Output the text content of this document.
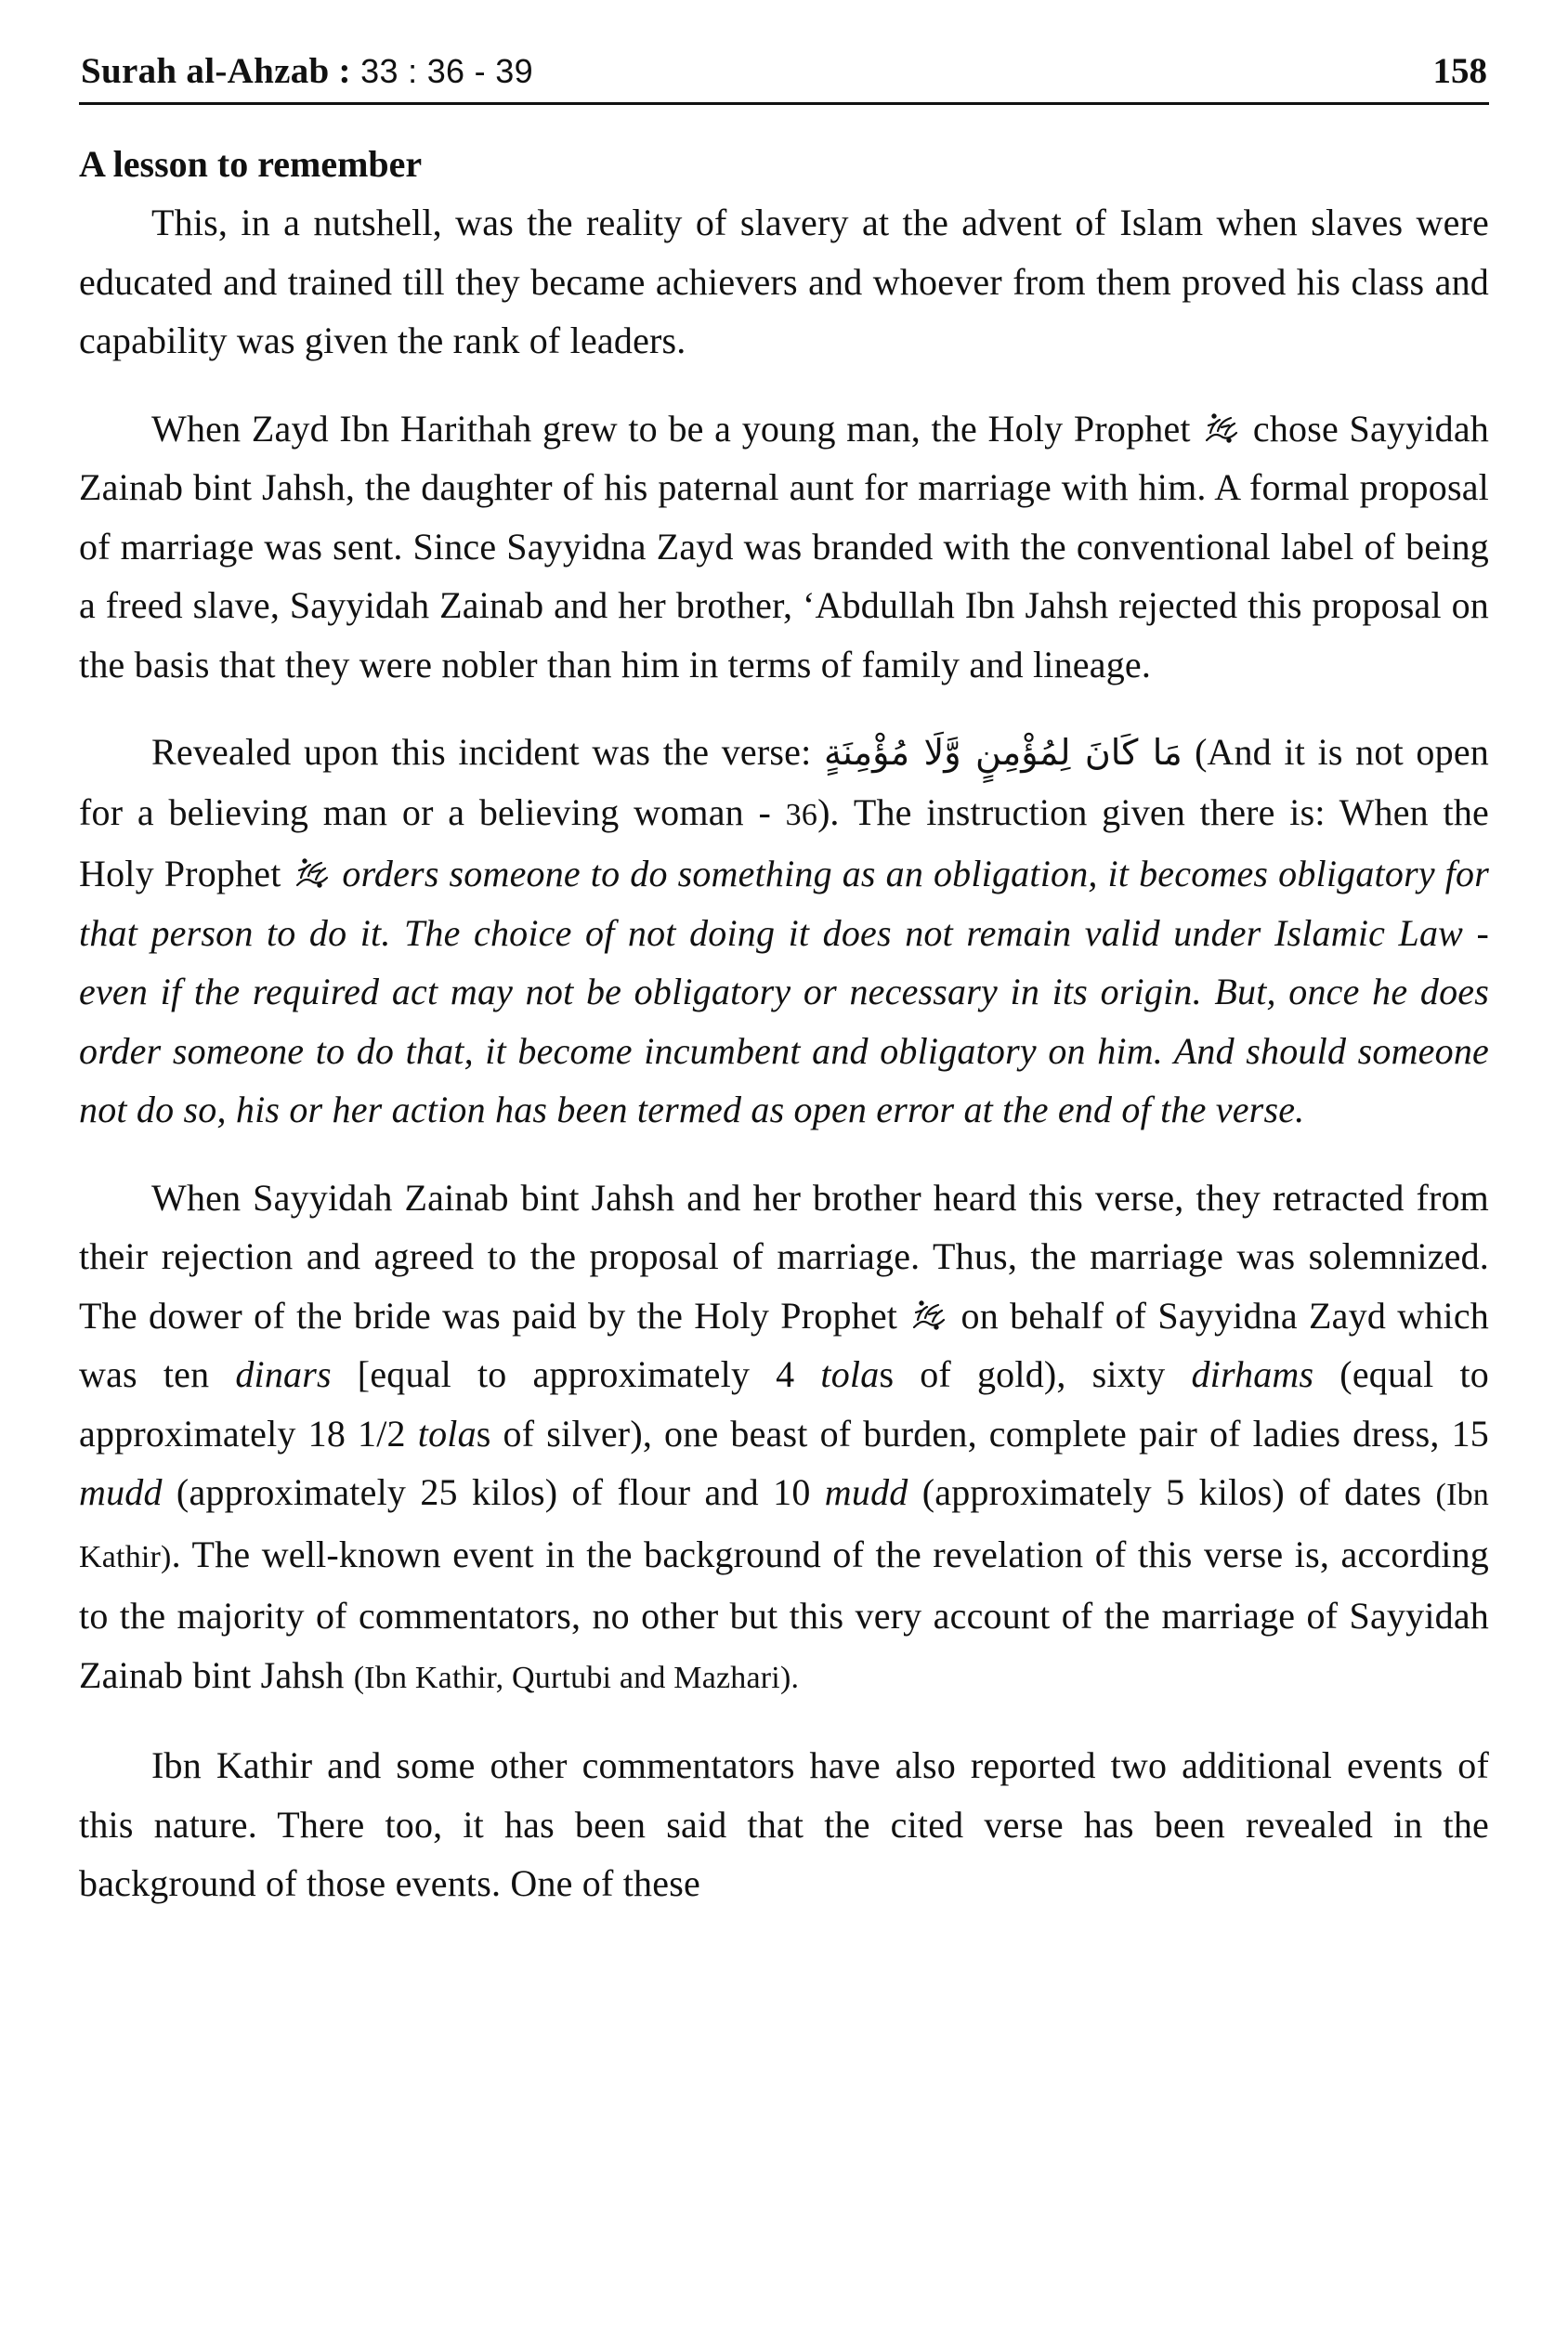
Surah al-Ahzab : 33 : 36 - 39	158
A lesson to remember

This, in a nutshell, was the reality of slavery at the advent of Islam when slaves were educated and trained till they became achievers and whoever from them proved his class and capability was given the rank of leaders.

When Zayd Ibn Harithah grew to be a young man, the Holy Prophet  chose Sayyidah Zainab bint Jahsh, the daughter of his paternal aunt for marriage with him. A formal proposal of marriage was sent. Since Sayyidna Zayd was branded with the conventional label of being a freed slave, Sayyidah Zainab and her brother, ‘Abdullah Ibn Jahsh rejected this proposal on the basis that they were nobler than him in terms of family and lineage.

Revealed upon this incident was the verse: مَا كَانَ لِمُؤْمِنٍ وَّلَا مُؤْمِنَةٍ (And it is not open for a believing man or a believing woman - 36). The instruction given there is: When the Holy Prophet  orders someone to do something as an obligation, it becomes obligatory for that person to do it. The choice of not doing it does not remain valid under Islamic Law - even if the required act may not be obligatory or necessary in its origin. But, once he does order someone to do that, it become incumbent and obligatory on him. And should someone not do so, his or her action has been termed as open error at the end of the verse.

When Sayyidah Zainab bint Jahsh and her brother heard this verse, they retracted from their rejection and agreed to the proposal of marriage. Thus, the marriage was solemnized. The dower of the bride was paid by the Holy Prophet  on behalf of Sayyidna Zayd which was ten dinars [equal to approximately 4 tolas of gold), sixty dirhams (equal to approximately 18 1/2 tolas of silver), one beast of burden, complete pair of ladies dress, 15 mudd (approximately 25 kilos) of flour and 10 mudd (approximately 5 kilos) of dates (Ibn Kathir). The well-known event in the background of the revelation of this verse is, according to the majority of commentators, no other but this very account of the marriage of Sayyidah Zainab bint Jahsh (Ibn Kathir, Qurtubi and Mazhari).

Ibn Kathir and some other commentators have also reported two additional events of this nature. There too, it has been said that the cited verse has been revealed in the background of those events. One of these
